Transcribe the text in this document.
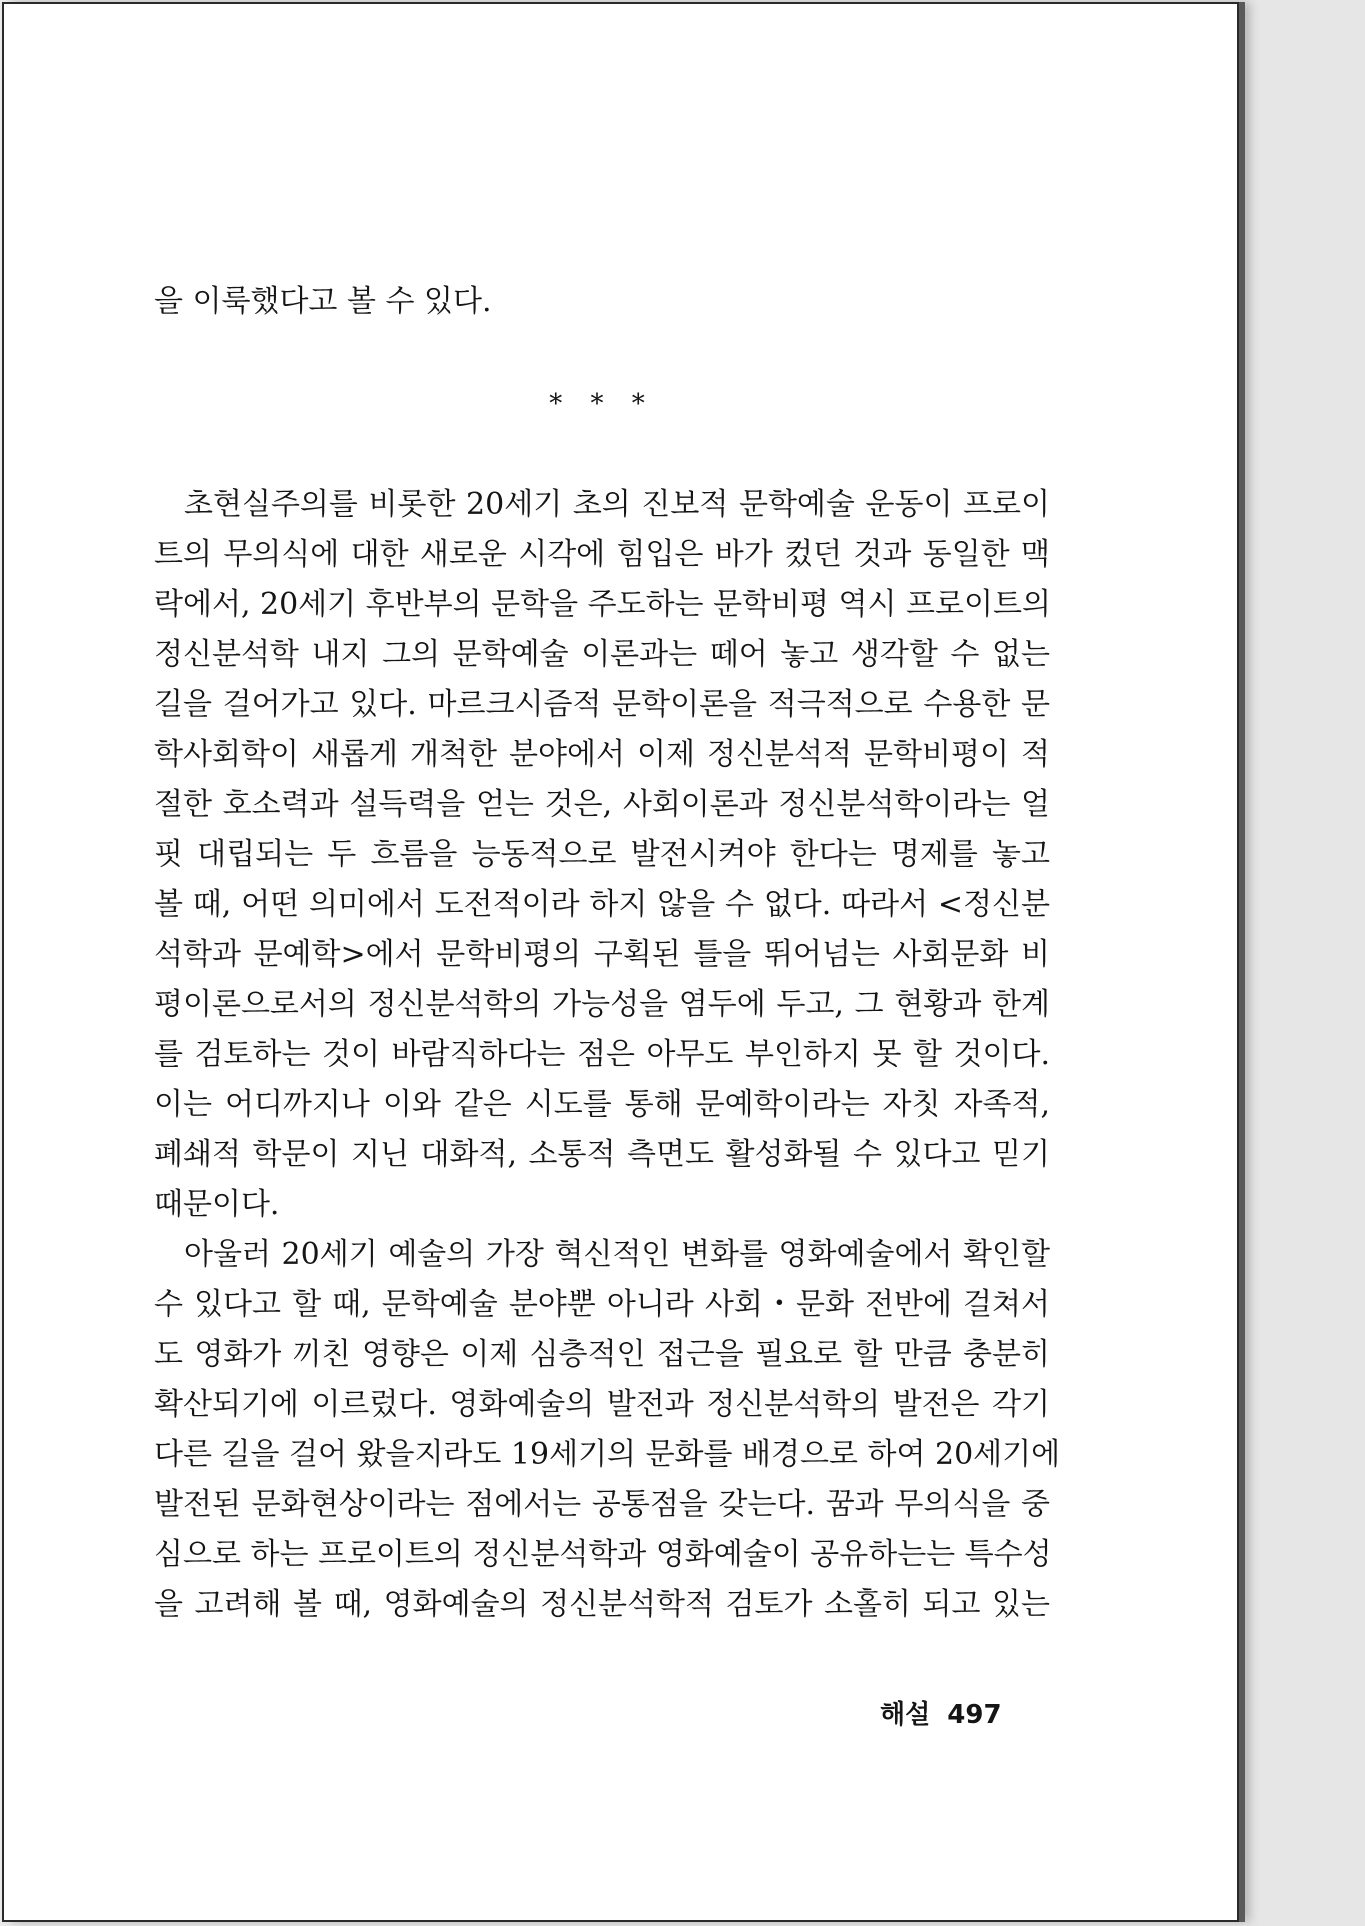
을 이룩했다고 볼 수 있다.
* * *
초현실주의를 비롯한 20세기 초의 진보적 문학예술 운동이 프로이
트의 무의식에 대한 새로운 시각에 힘입은 바가 컸던 것과 동일한 맥
락에서, 20세기 후반부의 문학을 주도하는 문학비평 역시 프로이트의
정신분석학 내지 그의 문학예술 이론과는 떼어 놓고 생각할 수 없는
길을 걸어가고 있다. 마르크시즘적 문학이론을 적극적으로 수용한 문
학사회학이 새롭게 개척한 분야에서 이제 정신분석적 문학비평이 적
절한 호소력과 설득력을 얻는 것은, 사회이론과 정신분석학이라는 얼
핏 대립되는 두 흐름을 능동적으로 발전시켜야 한다는 명제를 놓고
볼 때, 어떤 의미에서 도전적이라 하지 않을 수 없다. 따라서 <정신분
석학과 문예학>에서 문학비평의 구획된 틀을 뛰어넘는 사회문화 비
평이론으로서의 정신분석학의 가능성을 염두에 두고, 그 현황과 한계
를 검토하는 것이 바람직하다는 점은 아무도 부인하지 못 할 것이다.
이는 어디까지나 이와 같은 시도를 통해 문예학이라는 자칫 자족적,
폐쇄적 학문이 지닌 대화적, 소통적 측면도 활성화될 수 있다고 믿기
때문이다.
아울러 20세기 예술의 가장 혁신적인 변화를 영화예술에서 확인할
수 있다고 할 때, 문학예술 분야뿐 아니라 사회・문화 전반에 걸쳐서
도 영화가 끼친 영향은 이제 심층적인 접근을 필요로 할 만큼 충분히
확산되기에 이르렀다. 영화예술의 발전과 정신분석학의 발전은 각기
다른 길을 걸어 왔을지라도 19세기의 문화를 배경으로 하여 20세기에
발전된 문화현상이라는 점에서는 공통점을 갖는다. 꿈과 무의식을 중
심으로 하는 프로이트의 정신분석학과 영화예술이 공유하는는 특수성
을 고려해 볼 때, 영화예술의 정신분석학적 검토가 소홀히 되고 있는
해설 497
